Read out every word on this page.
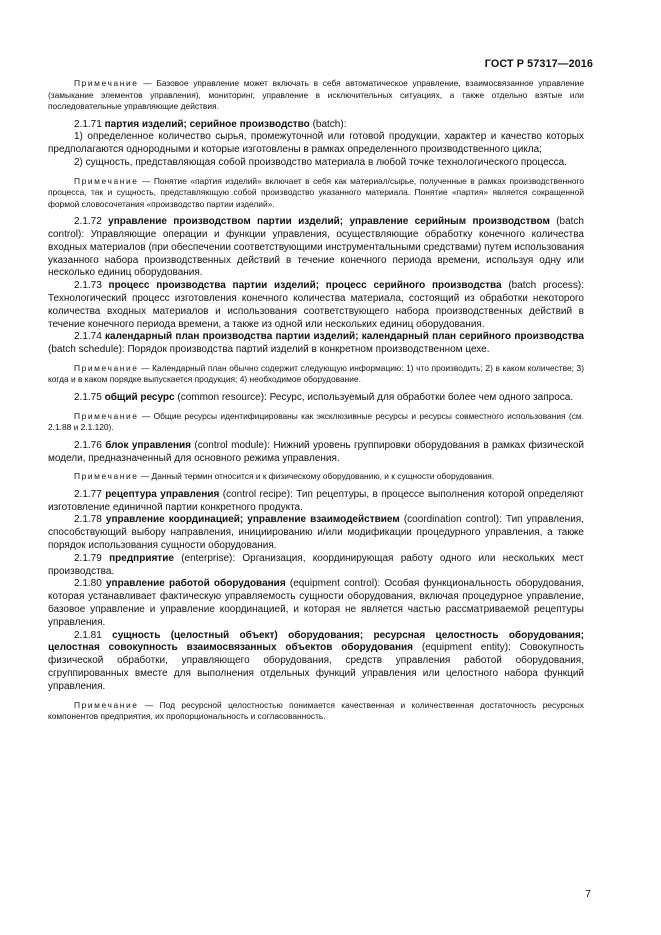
ГОСТ Р 57317—2016

Примечание — Базовое управление может включать в себя автоматическое управление, взаимосвязанное управление (замыкание элементов управления), мониторинг, управление в исключительных ситуациях, а также отдельно взятые или последовательные управляющие действия.

2.1.71 партия изделий; серийное производство (batch):

1) определенное количество сырья, промежуточной или готовой продукции, характер и качество которых предполагаются однородными и которые изготовлены в рамках определенного производственного цикла;

2) сущность, представляющая собой производство материала в любой точке технологического процесса.

Примечание — Понятие «партия изделий» включает в себя как материал/сырье, полученные в рамках производственного процесса, так и сущность, представляющую собой производство указанного материала. Понятие «партия» является сокращенной формой словосочетания «производство партии изделий».

2.1.72 управление производством партии изделий; управление серийным производством (batch control): Управляющие операции и функции управления, осуществляющие обработку конечного количества входных материалов (при обеспечении соответствующими инструментальными средствами) путем использования указанного набора производственных действий в течение конечного периода времени, используя одну или несколько единиц оборудования.

2.1.73 процесс производства партии изделий; процесс серийного производства (batch process): Технологический процесс изготовления конечного количества материала, состоящий из обработки некоторого количества входных материалов и использования соответствующего набора производственных действий в течение конечного периода времени, а также из одной или нескольких единиц оборудования.

2.1.74 календарный план производства партии изделий; календарный план серийного производства (batch schedule): Порядок производства партий изделий в конкретном производственном цехе.

Примечание — Календарный план обычно содержит следующую информацию: 1) что производить; 2) в каком количестве; 3) когда и в каком порядке выпускается продукция; 4) необходимое оборудование.

2.1.75 общий ресурс (common resource): Ресурс, используемый для обработки более чем одного запроса.

Примечание — Общие ресурсы идентифицированы как эксклюзивные ресурсы и ресурсы совместного использования (см. 2.1.88 и 2.1.120).

2.1.76 блок управления (control module): Нижний уровень группировки оборудования в рамках физической модели, предназначенный для основного режима управления.

Примечание — Данный термин относится и к физическому оборудованию, и к сущности оборудования.

2.1.77 рецептура управления (control recipe): Тип рецептуры, в процессе выполнения которой определяют изготовление единичной партии конкретного продукта.

2.1.78 управление координацией; управление взаимодействием (coordination control): Тип управления, способствующий выбору направления, инициированию и/или модификации процедурного управления, а также порядок использования сущности оборудования.

2.1.79 предприятие (enterprise): Организация, координирующая работу одного или нескольких мест производства.

2.1.80 управление работой оборудования (equipment control): Особая функциональность оборудования, которая устанавливает фактическую управляемость сущности оборудования, включая процедурное управление, базовое управление и управление координацией, и которая не является частью рассматриваемой рецептуры управления.

2.1.81 сущность (целостный объект) оборудования; ресурсная целостность оборудования; целостная совокупность взаимосвязанных объектов оборудования (equipment entity): Совокупность физической обработки, управляющего оборудования, средств управления работой оборудования, сгруппированных вместе для выполнения отдельных функций управления или целостного набора функций управления.

Примечание — Под ресурсной целостностью понимается качественная и количественная достаточность ресурсных компонентов предприятия, их пропорциональность и согласованность.

7
